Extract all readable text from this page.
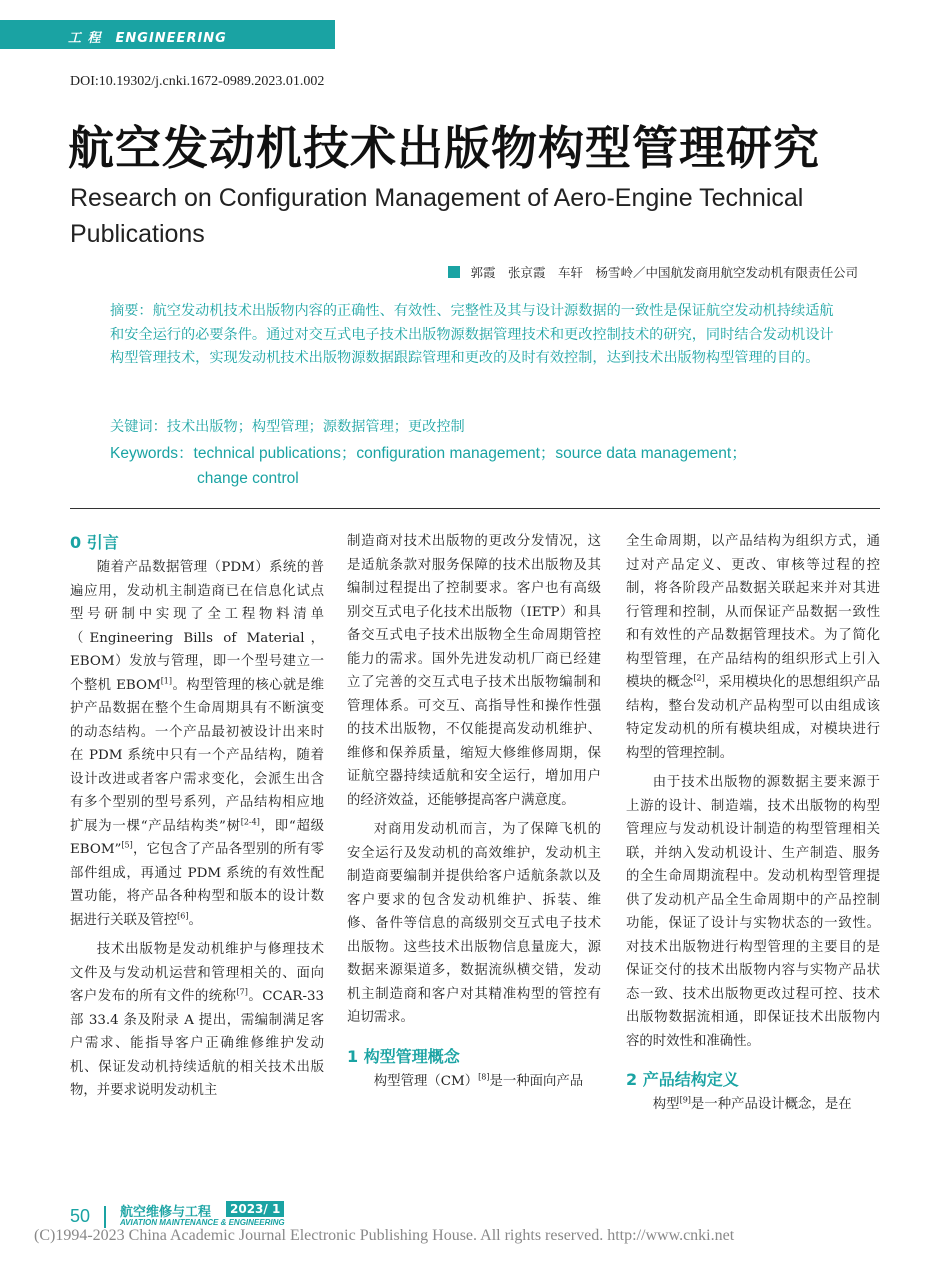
工 程 ENGINEERING
DOI:10.19302/j.cnki.1672-0989.2023.01.002
航空发动机技术出版物构型管理研究
Research on Configuration Management of Aero-Engine Technical Publications
郭霞　张京霞　车轩　杨雪岭／中国航发商用航空发动机有限责任公司
摘要：航空发动机技术出版物内容的正确性、有效性、完整性及其与设计源数据的一致性是保证航空发动机持续适航和安全运行的必要条件。通过对交互式电子技术出版物源数据管理技术和更改控制技术的研究，同时结合发动机设计构型管理技术，实现发动机技术出版物源数据跟踪管理和更改的及时有效控制，达到技术出版物构型管理的目的。
关键词：技术出版物；构型管理；源数据管理；更改控制
Keywords：technical publications；configuration management；source data management；
change control
0 引言

随着产品数据管理（PDM）系统的普遍应用，发动机主制造商已在信息化试点型号研制中实现了全工程物料清单（Engineering Bills of Material，EBOM）发放与管理，即一个型号建立一个整机 EBOM[1]。构型管理的核心就是维护产品数据在整个生命周期具有不断演变的动态结构。一个产品最初被设计出来时在 PDM 系统中只有一个产品结构，随着设计改进或者客户需求变化，会派生出含有多个型别的型号系列，产品结构相应地扩展为一棵“产品结构类”树[2-4]，即“超级 EBOM”[5]，它包含了产品各型别的所有零部件组成，再通过 PDM 系统的有效性配置功能，将产品各种构型和版本的设计数据进行关联及管控[6]。

技术出版物是发动机维护与修理技术文件及与发动机运营和管理相关的、面向客户发布的所有文件的统称[7]。CCAR-33 部 33.4 条及附录 A 提出，需编制满足客户需求、能指导客户正确维修维护发动机、保证发动机持续适航的相关技术出版物，并要求说明发动机主

制造商对技术出版物的更改分发情况，这是适航条款对服务保障的技术出版物及其编制过程提出了控制要求。客户也有高级别交互式电子化技术出版物（IETP）和具备交互式电子技术出版物全生命周期管控能力的需求。国外先进发动机厂商已经建立了完善的交互式电子技术出版物编制和管理体系。可交互、高指导性和操作性强的技术出版物，不仅能提高发动机维护、维修和保养质量，缩短大修维修周期，保证航空器持续适航和安全运行，增加用户的经济效益，还能够提高客户满意度。

对商用发动机而言，为了保障飞机的安全运行及发动机的高效维护，发动机主制造商要编制并提供给客户适航条款以及客户要求的包含发动机维护、拆装、维修、备件等信息的高级别交互式电子技术出版物。这些技术出版物信息量庞大，源数据来源渠道多，数据流纵横交错，发动机主制造商和客户对其精准构型的管控有迫切需求。

1 构型管理概念

构型管理（CM）[8]是一种面向产品

全生命周期，以产品结构为组织方式，通过对产品定义、更改、审核等过程的控制，将各阶段产品数据关联起来并对其进行管理和控制，从而保证产品数据一致性和有效性的产品数据管理技术。为了简化构型管理，在产品结构的组织形式上引入模块的概念[2]，采用模块化的思想组织产品结构，整台发动机产品构型可以由组成该特定发动机的所有模块组成，对模块进行构型的管理控制。

由于技术出版物的源数据主要来源于上游的设计、制造端，技术出版物的构型管理应与发动机设计制造的构型管理相关联，并纳入发动机设计、生产制造、服务的全生命周期流程中。发动机构型管理提供了发动机产品全生命周期中的产品控制功能，保证了设计与实物状态的一致性。对技术出版物进行构型管理的主要目的是保证交付的技术出版物内容与实物产品状态一致、技术出版物更改过程可控、技术出版物数据流相通，即保证技术出版物内容的时效性和准确性。

2 产品结构定义

构型[9]是一种产品设计概念，是在

50 航空维修与工程	2023/ 1
AVIATION MAINTENANCE & ENGINEERING
(C)1994-2023 China Academic Journal Electronic Publishing House. All rights reserved. http://www.cnki.net
